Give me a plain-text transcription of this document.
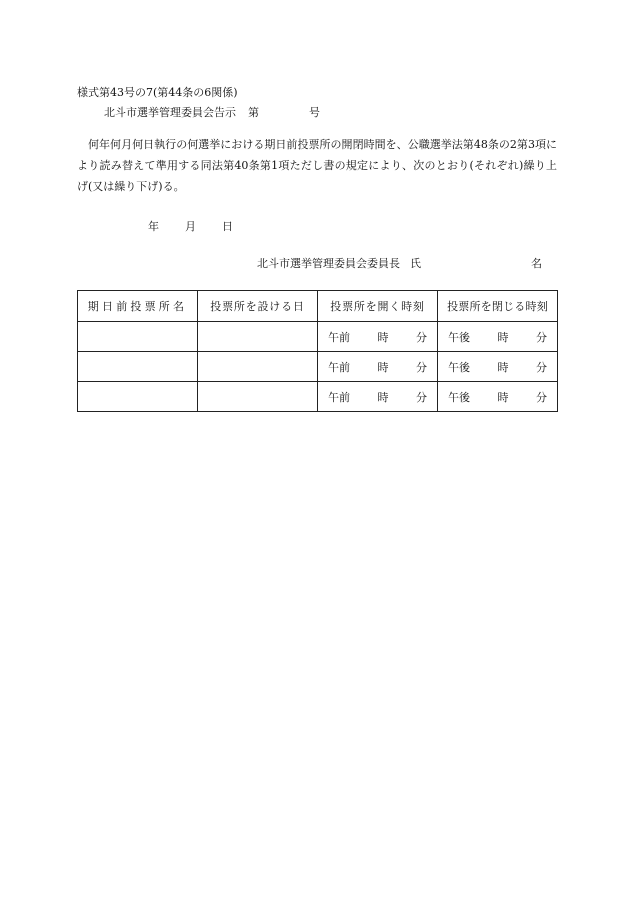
様式第43号の7(第44条の6関係)
北斗市選挙管理委員会告示 第	号
何年何月何日執行の何選挙における期日前投票所の開閉時間を、公職選挙法第48条の2第3項により読み替えて準用する同法第40条第1項ただし書の規定により、次のとおり(それぞれ)繰り上げ(又は繰り下げ)る。
年 月 日
北斗市選挙管理委員会委員長 氏	名
期日前投票所名	投票所を設ける日	投票所を開く時刻	投票所を閉じる時刻

		午前 時 分	午後 時 分

		午前 時 分	午後 時 分

		午前 時 分	午後 時 分
